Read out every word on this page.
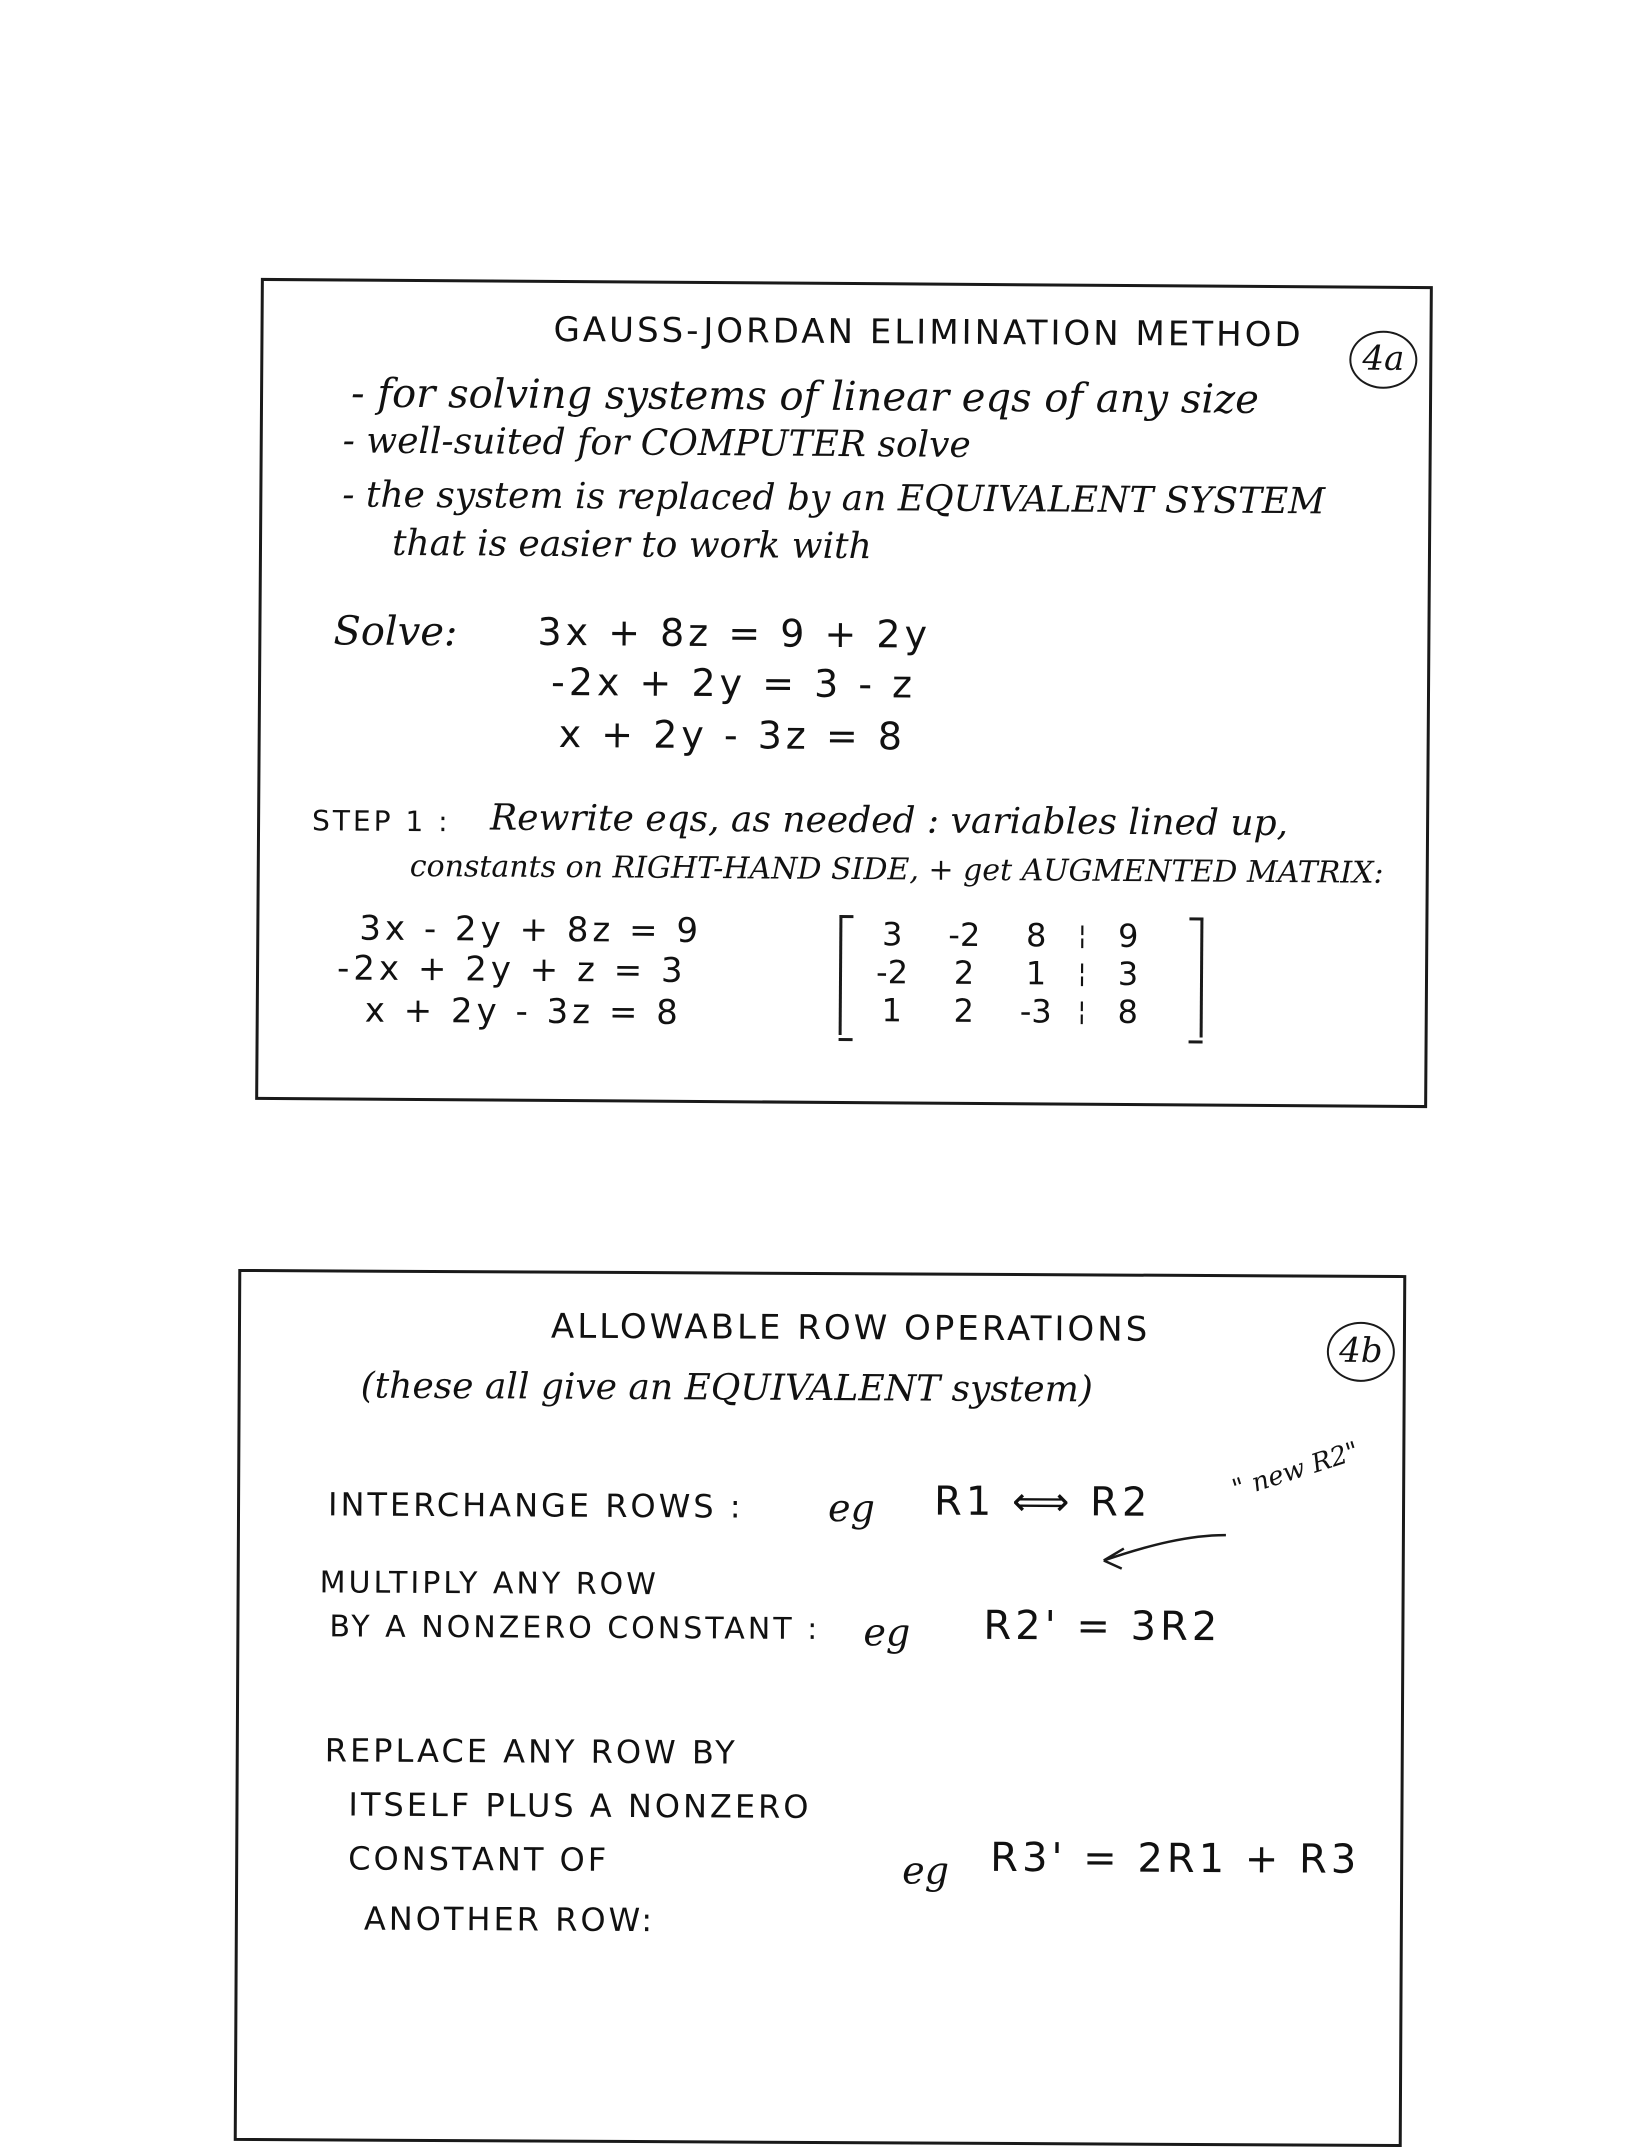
GAUSS-JORDAN ELIMINATION METHOD
4a
- for solving systems of linear eqs of any size
- well-suited for COMPUTER solve
- the system is replaced by an EQUIVALENT SYSTEM
that is easier to work with
Solve: 3x + 8z = 9 + 2y
-2x + 2y = 3 - z
x + 2y - 3z = 8
STEP 1 : Rewrite eqs, as needed : variables lined up,
constants on RIGHT-HAND SIDE, + get AUGMENTED MATRIX:
3x - 2y + 8z = 9
-2x + 2y + z = 3
x + 2y - 3z = 8
3	-2	8	¦ 9
-2	2	1	¦ 3
1	2	-3 ¦ 8
ALLOWABLE ROW OPERATIONS
4b
(these all give an EQUIVALENT system)
INTERCHANGE ROWS : eg R1 ⟺ R2	" new R2"
MULTIPLY ANY ROW
BY A NONZERO CONSTANT : eg R2' = 3R2
REPLACE ANY ROW BY
ITSELF PLUS A NONZERO
CONSTANT OF
ANOTHER ROW:
eg R3' = 2R1 + R3
